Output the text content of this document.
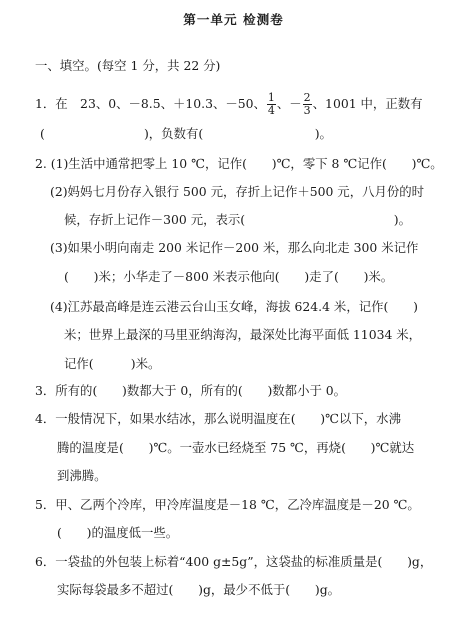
第一单元 检测卷
一、填空。(每空 1 分，共 22 分)
1．在　23、0、－8.5、＋10.3、－50、 $\frac{1}{4}$ 、－ $\frac{2}{3}$ 、1001 中，正数有
(　　　　　　　　)，负数有(　　　　　　　　　)。
2. (1)生活中通常把零上 10 ℃，记作(　　)℃，零下 8 ℃记作(　　)℃。
(2)妈妈七月份存入银行 500 元，存折上记作＋500 元，八月份的时
候，存折上记作－300 元，表示(　　　　　　　　　　　　)。
(3)如果小明向南走 200 米记作－200 米，那么向北走 300 米记作
(　　)米；小华走了－800 米表示他向(　　)走了(　　)米。
(4)江苏最高峰是连云港云台山玉女峰，海拔 624.4 米，记作(　　)
米；世界上最深的马里亚纳海沟，最深处比海平面低 11034 米，
记作(　　　)米。
3．所有的(　　)数都大于 0，所有的(　　)数都小于 0。
4．一般情况下，如果水结冰，那么说明温度在(　　)℃以下，水沸
腾的温度是(　　)℃。一壶水已经烧至 75 ℃，再烧(　　)℃就达
到沸腾。
5．甲、乙两个冷库，甲冷库温度是－18 ℃，乙冷库温度是－20 ℃。
(　　)的温度低一些。
6．一袋盐的外包装上标着“400 g±5g”，这袋盐的标准质量是(　　)g，
实际每袋最多不超过(　　)g，最少不低于(　　)g。
